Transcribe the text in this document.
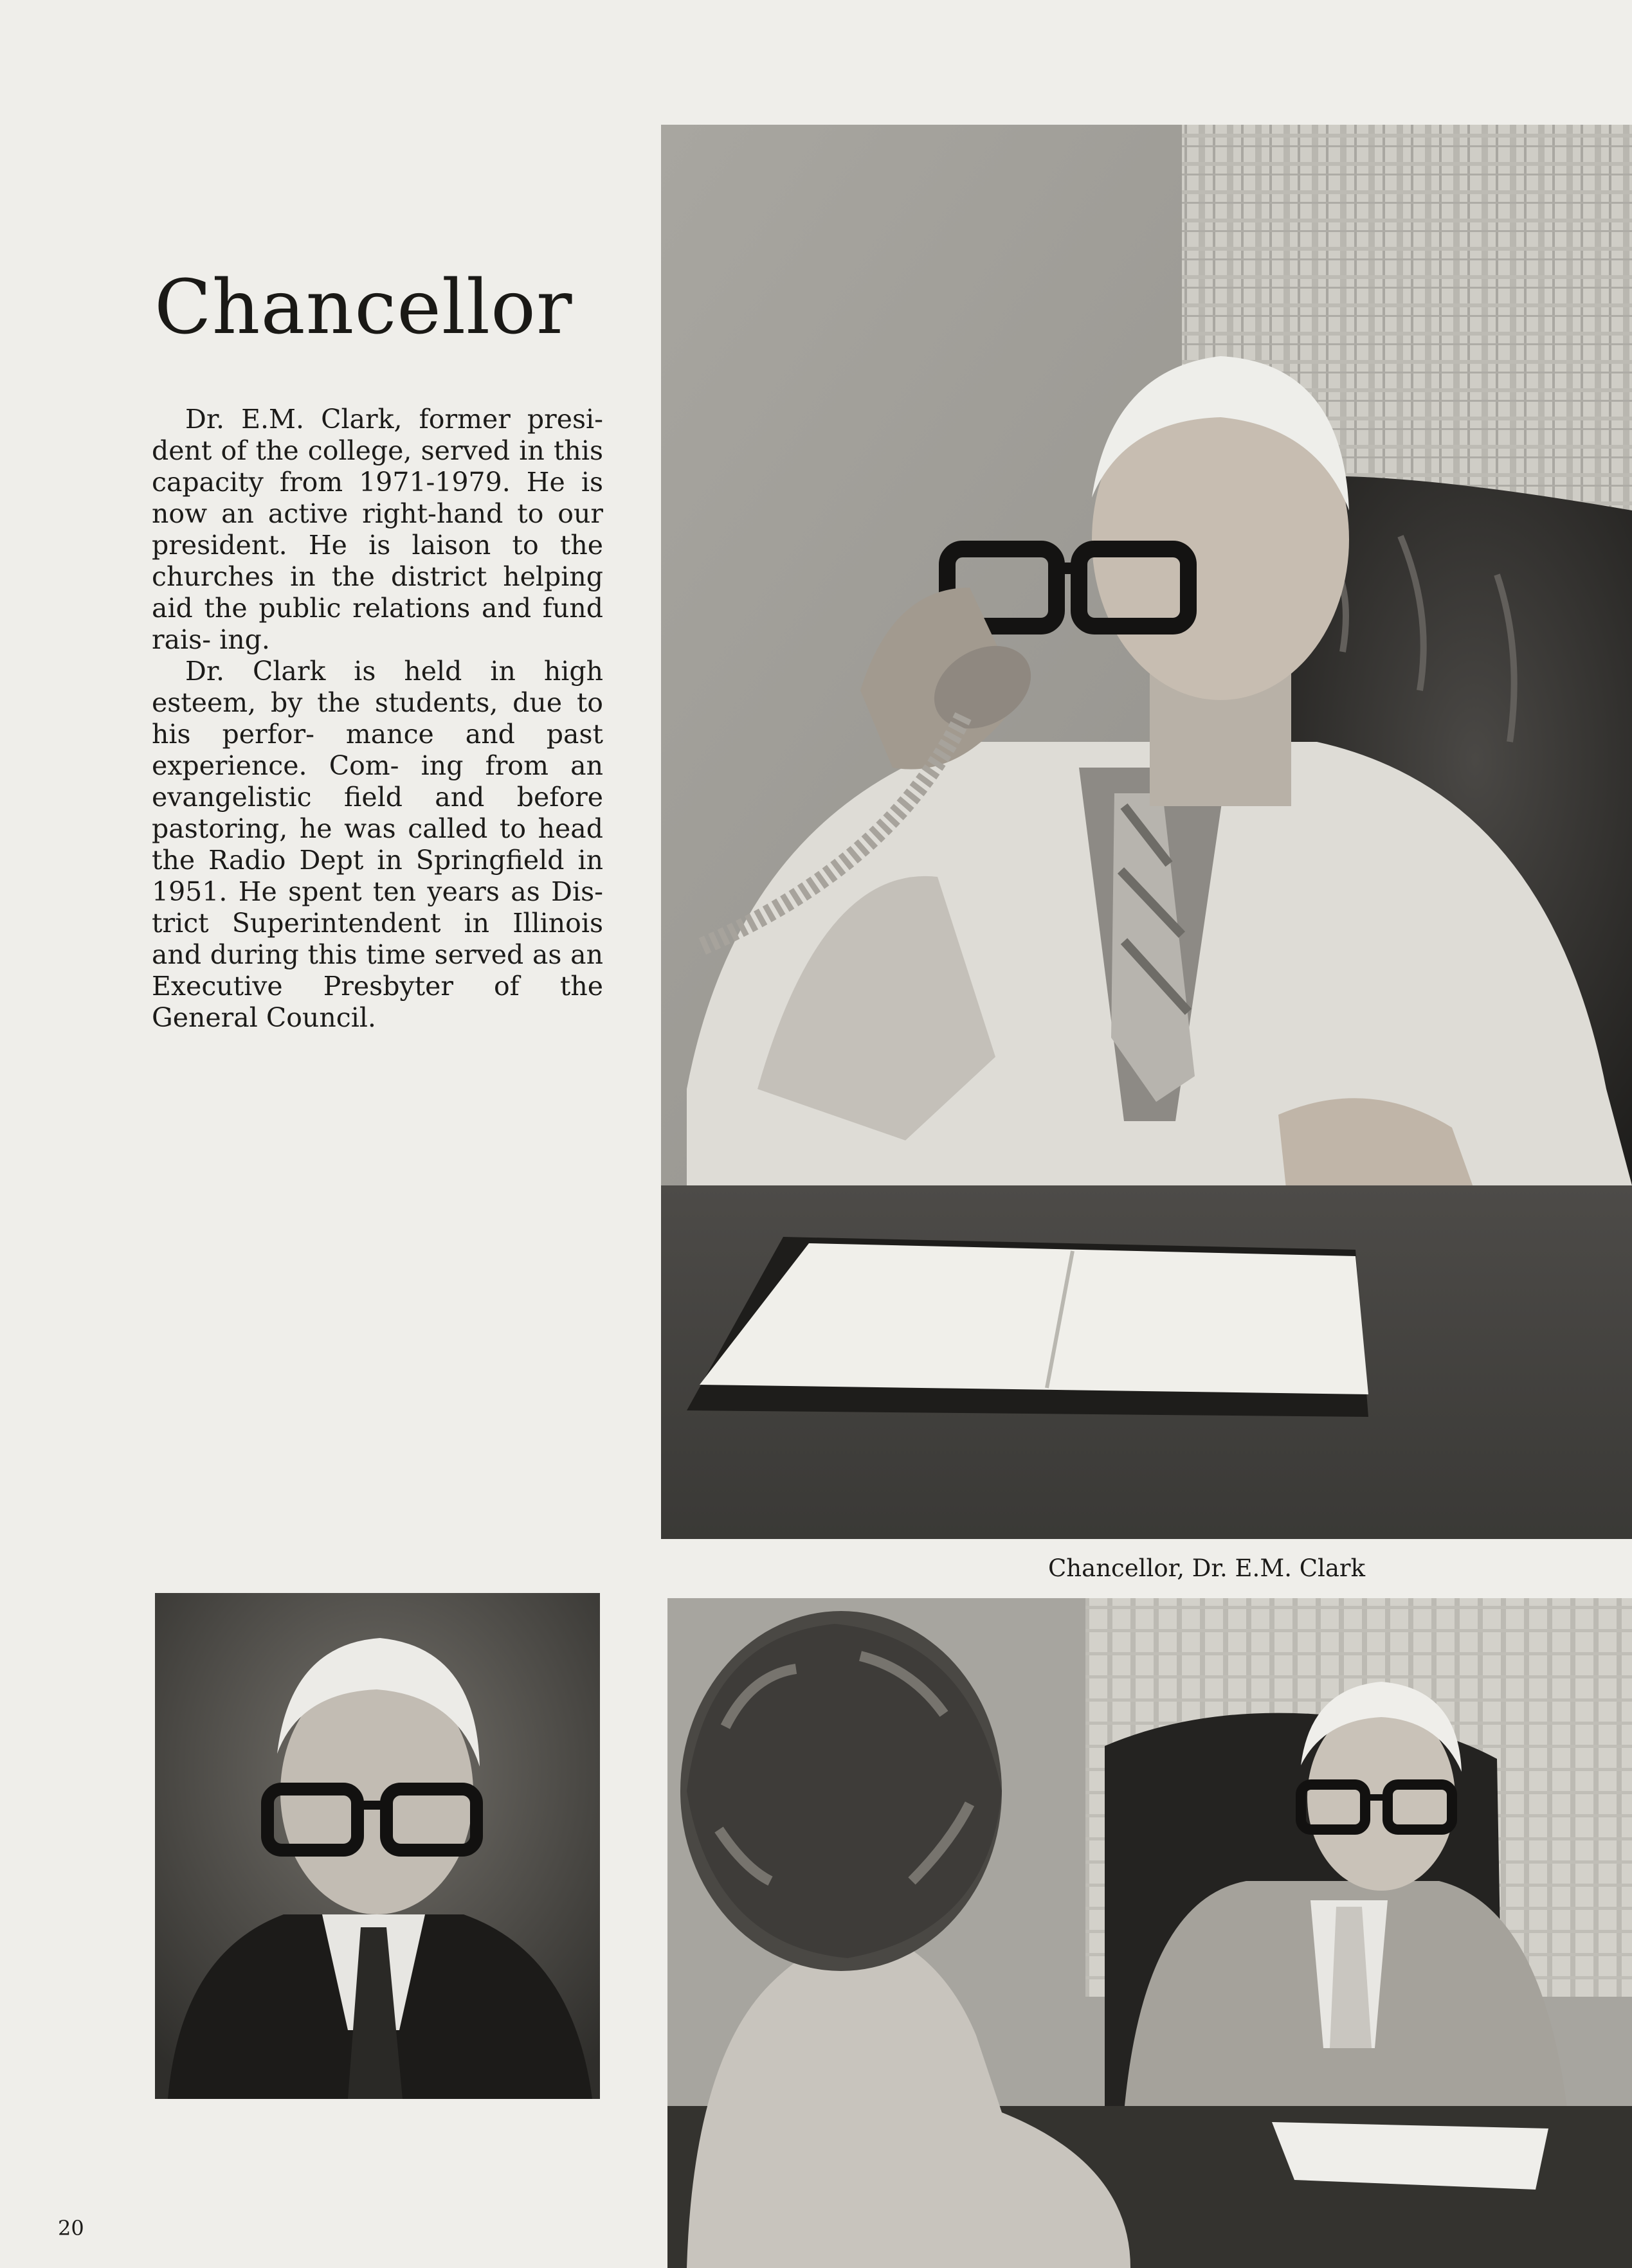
Chancellor

Dr. E.M. Clark, former presi- dent of the college, served in this capacity from 1971-1979. He is now an active right-hand to our president. He is laison to the churches in the district helping aid the public relations and fund rais- ing.

Dr. Clark is held in high esteem, by the students, due to his perfor- mance and past experience. Com- ing from an evangelistic field and before pastoring, he was called to head the Radio Dept in Springfield in 1951. He spent ten years as Dis- trict Superintendent in Illinois and during this time served as an Executive Presbyter of the General Council.

Chancellor, Dr. E.M. Clark
20
